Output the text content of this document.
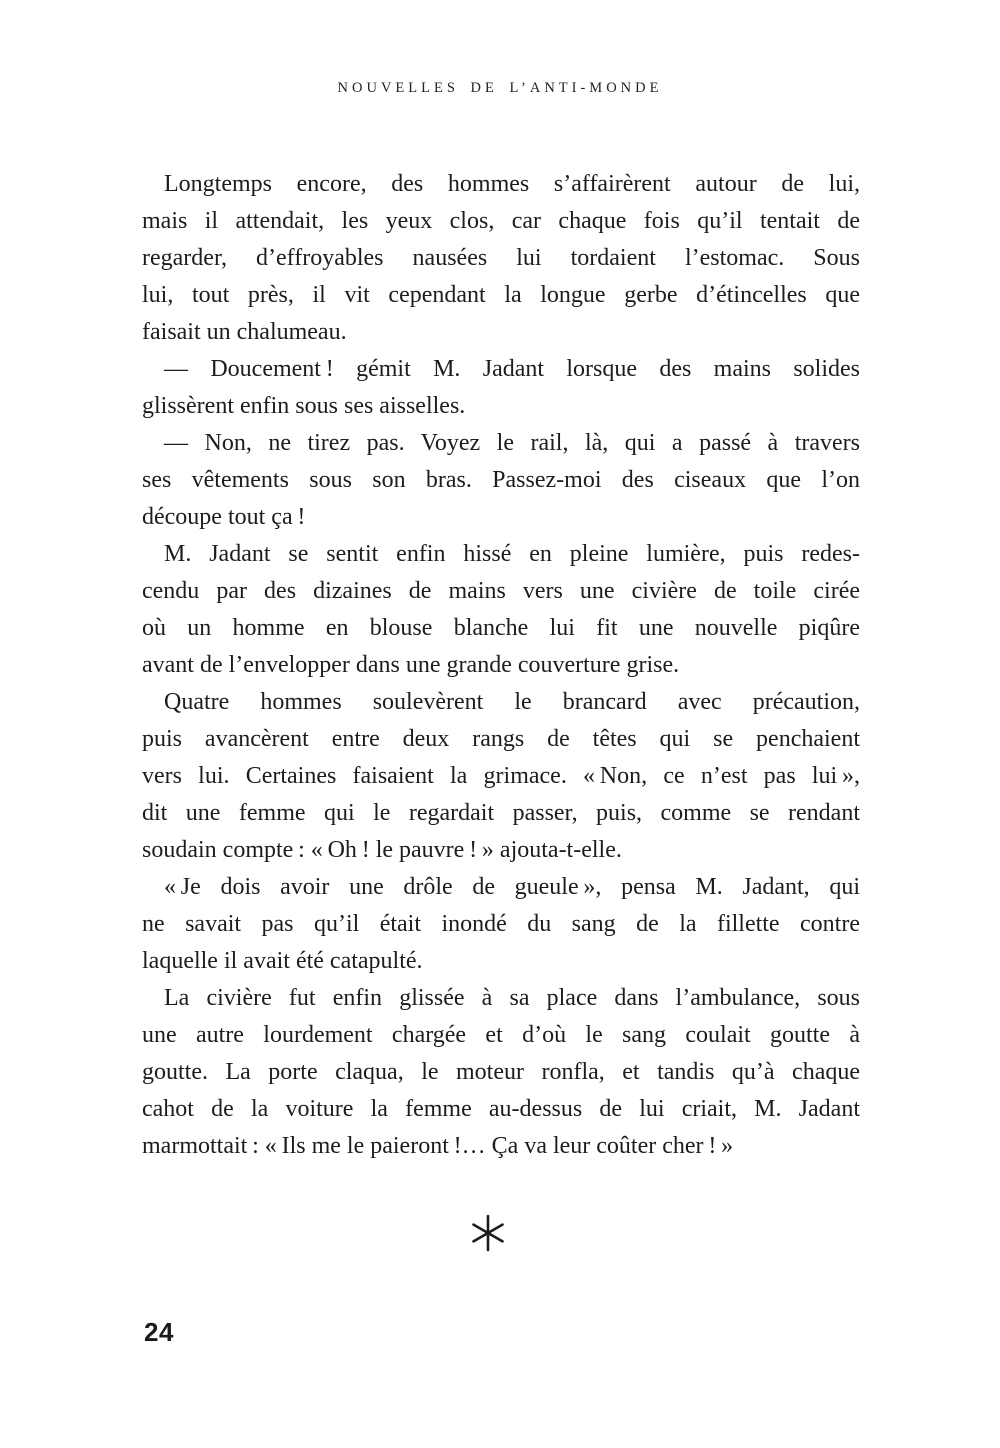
NOUVELLES DE L’ANTI-MONDE
Longtemps encore, des hommes s’affairèrent autour de lui,
mais il attendait, les yeux clos, car chaque fois qu’il tentait de
regarder, d’effroyables nausées lui tordaient l’estomac. Sous
lui, tout près, il vit cependant la longue gerbe d’étincelles que
faisait un chalumeau.
— Doucement ! gémit M. Jadant lorsque des mains solides
glissèrent enfin sous ses aisselles.
— Non, ne tirez pas. Voyez le rail, là, qui a passé à travers
ses vêtements sous son bras. Passez-moi des ciseaux que l’on
découpe tout ça !
M. Jadant se sentit enfin hissé en pleine lumière, puis redes-
cendu par des dizaines de mains vers une civière de toile cirée
où un homme en blouse blanche lui fit une nouvelle piqûre
avant de l’envelopper dans une grande couverture grise.
Quatre hommes soulevèrent le brancard avec précaution,
puis avancèrent entre deux rangs de têtes qui se penchaient
vers lui. Certaines faisaient la grimace. « Non, ce n’est pas lui »,
dit une femme qui le regardait passer, puis, comme se rendant
soudain compte : « Oh ! le pauvre ! » ajouta-t-elle.
« Je dois avoir une drôle de gueule », pensa M. Jadant, qui
ne savait pas qu’il était inondé du sang de la fillette contre
laquelle il avait été catapulté.
La civière fut enfin glissée à sa place dans l’ambulance, sous
une autre lourdement chargée et d’où le sang coulait goutte à
goutte. La porte claqua, le moteur ronfla, et tandis qu’à chaque
cahot de la voiture la femme au-dessus de lui criait, M. Jadant
marmottait : « Ils me le paieront !… Ça va leur coûter cher ! »
24
